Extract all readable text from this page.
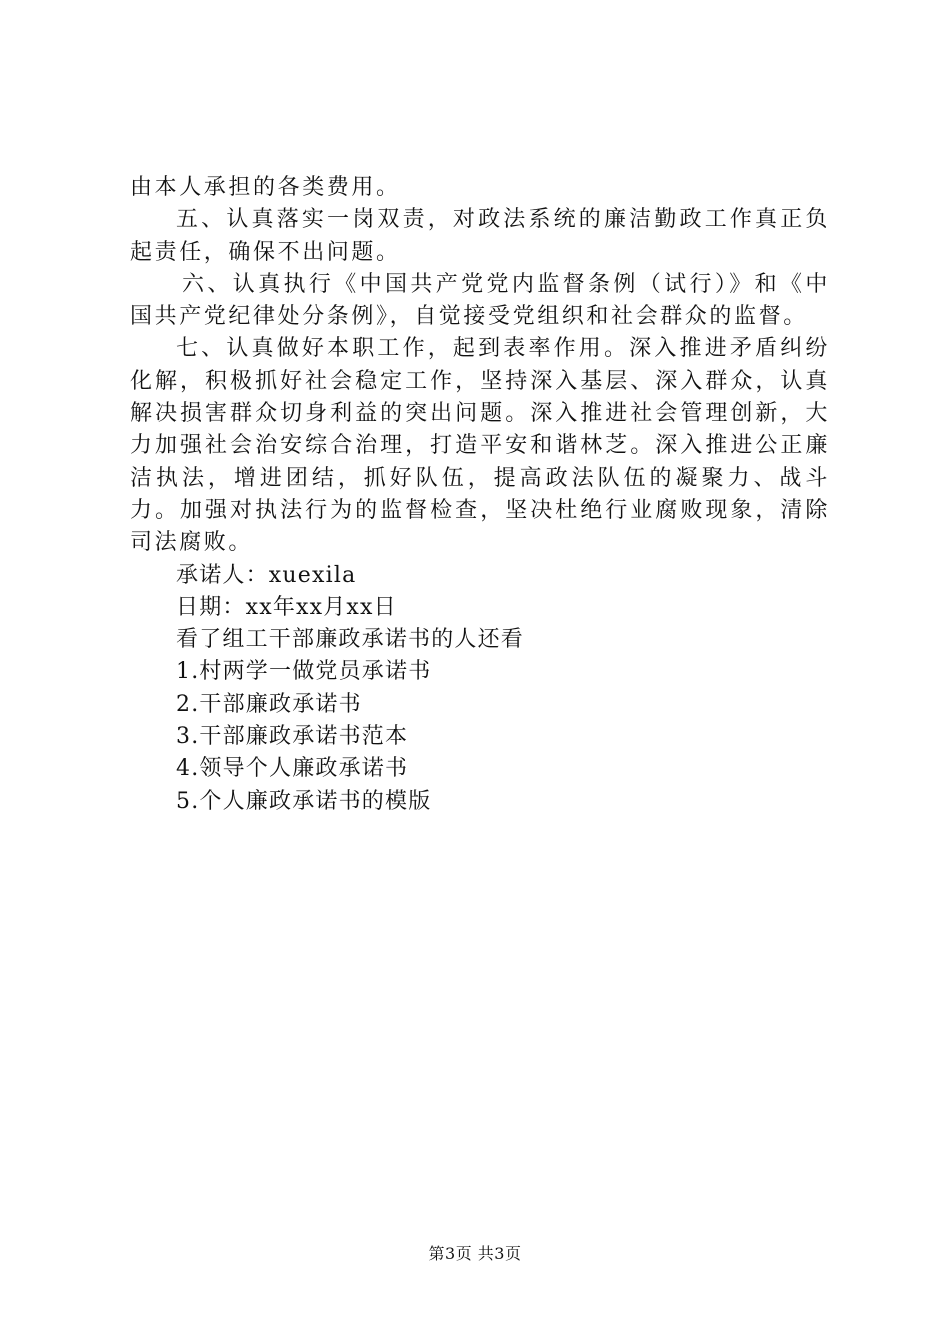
由本人承担的各类费用。

五、认真落实一岗双责，对政法系统的廉洁勤政工作真正负起责任，确保不出问题。

六、认真执行《中国共产党党内监督条例（试行）》和《中国共产党纪律处分条例》，自觉接受党组织和社会群众的监督。

七、认真做好本职工作，起到表率作用。深入推进矛盾纠纷化解，积极抓好社会稳定工作，坚持深入基层、深入群众，认真解决损害群众切身利益的突出问题。深入推进社会管理创新，大力加强社会治安综合治理，打造平安和谐林芝。深入推进公正廉洁执法，增进团结，抓好队伍，提高政法队伍的凝聚力、战斗力。加强对执法行为的监督检查，坚决杜绝行业腐败现象，清除司法腐败。

承诺人：xuexila

日期：xx年xx月xx日

看了组工干部廉政承诺书的人还看

1.村两学一做党员承诺书

2.干部廉政承诺书

3.干部廉政承诺书范本

4.领导个人廉政承诺书

5.个人廉政承诺书的模版

第3页 共3页
